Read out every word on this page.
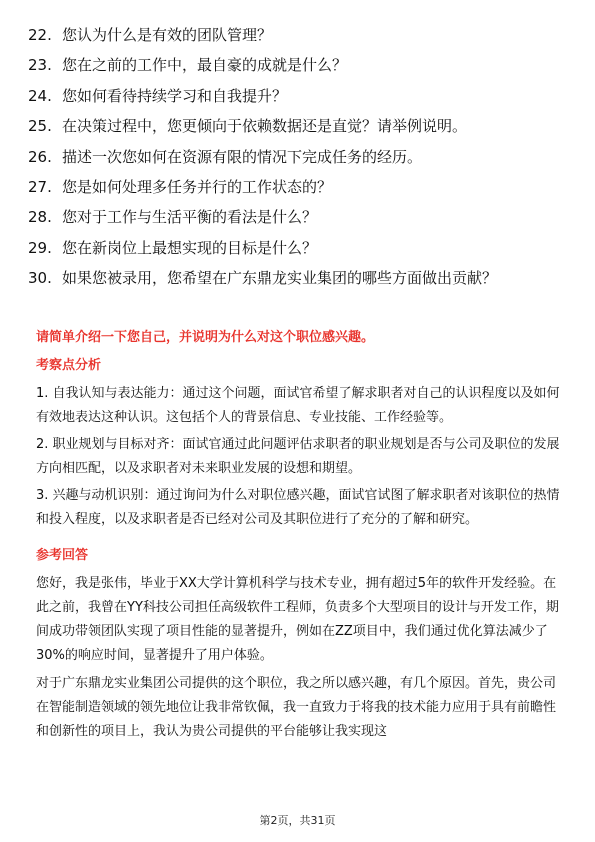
22. 您认为什么是有效的团队管理？
23. 您在之前的工作中，最自豪的成就是什么？
24. 您如何看待持续学习和自我提升？
25. 在决策过程中，您更倾向于依赖数据还是直觉？请举例说明。
26. 描述一次您如何在资源有限的情况下完成任务的经历。
27. 您是如何处理多任务并行的工作状态的？
28. 您对于工作与生活平衡的看法是什么？
29. 您在新岗位上最想实现的目标是什么？
30. 如果您被录用，您希望在广东鼎龙实业集团的哪些方面做出贡献？

请简单介绍一下您自己，并说明为什么对这个职位感兴趣。

考察点分析

1. 自我认知与表达能力：通过这个问题，面试官希望了解求职者对自己的认识程度以及如何有效地表达这种认识。这包括个人的背景信息、专业技能、工作经验等。

2. 职业规划与目标对齐：面试官通过此问题评估求职者的职业规划是否与公司及职位的发展方向相匹配，以及求职者对未来职业发展的设想和期望。

3. 兴趣与动机识别：通过询问为什么对职位感兴趣，面试官试图了解求职者对该职位的热情和投入程度，以及求职者是否已经对公司及其职位进行了充分的了解和研究。

参考回答

您好，我是张伟，毕业于XX大学计算机科学与技术专业，拥有超过5年的软件开发经验。在此之前，我曾在YY科技公司担任高级软件工程师，负责多个大型项目的设计与开发工作，期间成功带领团队实现了项目性能的显著提升，例如在ZZ项目中，我们通过优化算法减少了30%的响应时间，显著提升了用户体验。

对于广东鼎龙实业集团公司提供的这个职位，我之所以感兴趣，有几个原因。首先，贵公司在智能制造领域的领先地位让我非常钦佩，我一直致力于将我的技术能力应用于具有前瞻性和创新性的项目上，我认为贵公司提供的平台能够让我实现这

第2页，共31页
